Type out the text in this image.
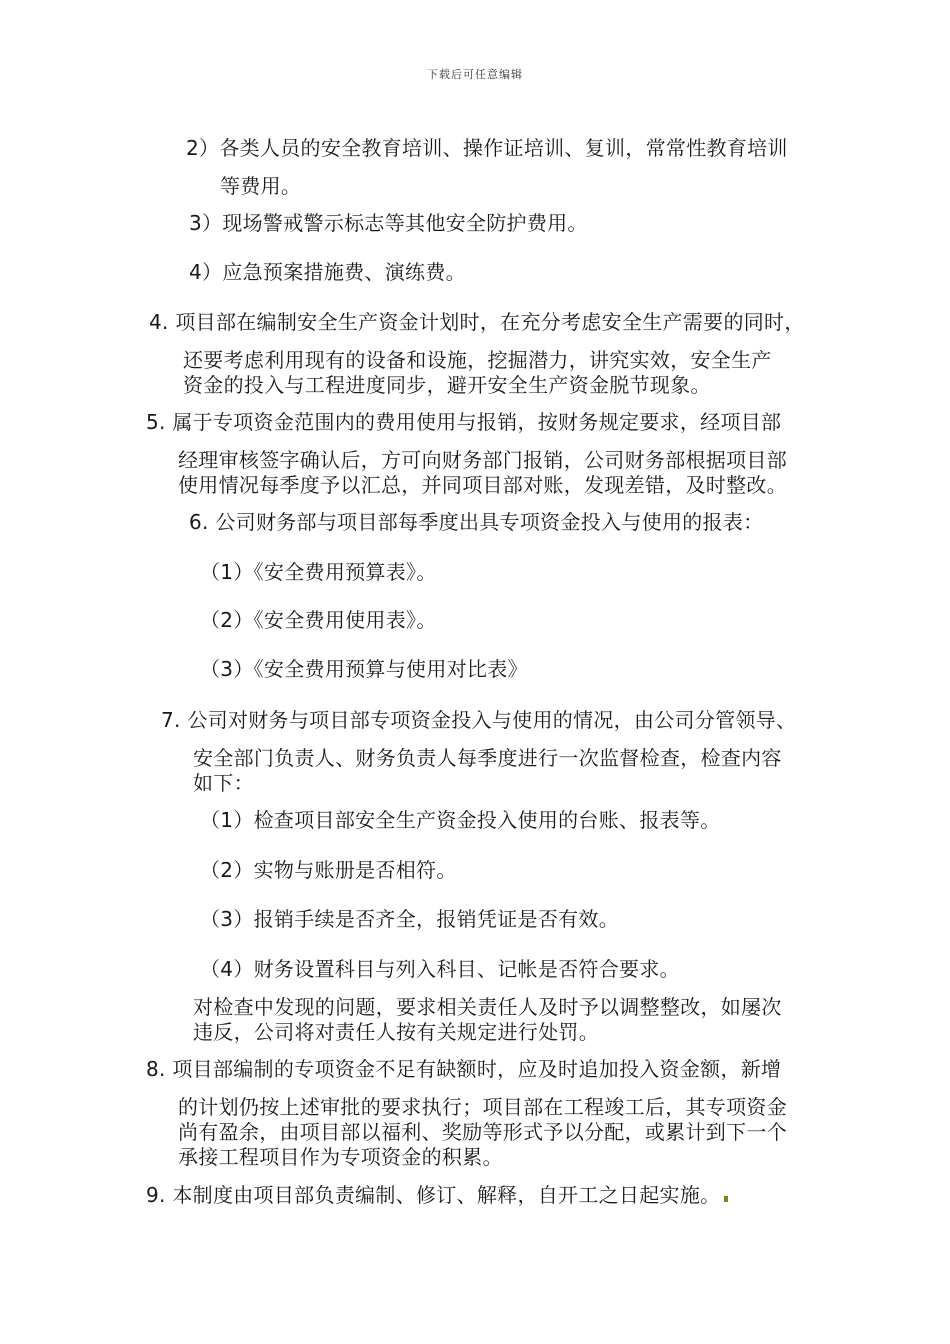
下载后可任意编辑
2）各类人员的安全教育培训、操作证培训、复训，常常性教育培训
等费用。
3）现场警戒警示标志等其他安全防护费用。
4）应急预案措施费、演练费。
4. 项目部在编制安全生产资金计划时，在充分考虑安全生产需要的同时，
还要考虑利用现有的设备和设施，挖掘潜力，讲究实效，安全生产
资金的投入与工程进度同步，避开安全生产资金脱节现象。
5. 属于专项资金范围内的费用使用与报销，按财务规定要求，经项目部
经理审核签字确认后，方可向财务部门报销，公司财务部根据项目部
使用情况每季度予以汇总，并同项目部对账，发现差错，及时整改。
6. 公司财务部与项目部每季度出具专项资金投入与使用的报表：
（1）《安全费用预算表》。
（2）《安全费用使用表》。
（3）《安全费用预算与使用对比表》
7. 公司对财务与项目部专项资金投入与使用的情况，由公司分管领导、
安全部门负责人、财务负责人每季度进行一次监督检查，检查内容
如下：
（1）检查项目部安全生产资金投入使用的台账、报表等。
（2）实物与账册是否相符。
（3）报销手续是否齐全，报销凭证是否有效。
（4）财务设置科目与列入科目、记帐是否符合要求。
对检查中发现的问题，要求相关责任人及时予以调整整改，如屡次
违反，公司将对责任人按有关规定进行处罚。
8. 项目部编制的专项资金不足有缺额时，应及时追加投入资金额，新增
的计划仍按上述审批的要求执行；项目部在工程竣工后，其专项资金
尚有盈余，由项目部以福利、奖励等形式予以分配，或累计到下一个
承接工程项目作为专项资金的积累。
9. 本制度由项目部负责编制、修订、解释，自开工之日起实施。
